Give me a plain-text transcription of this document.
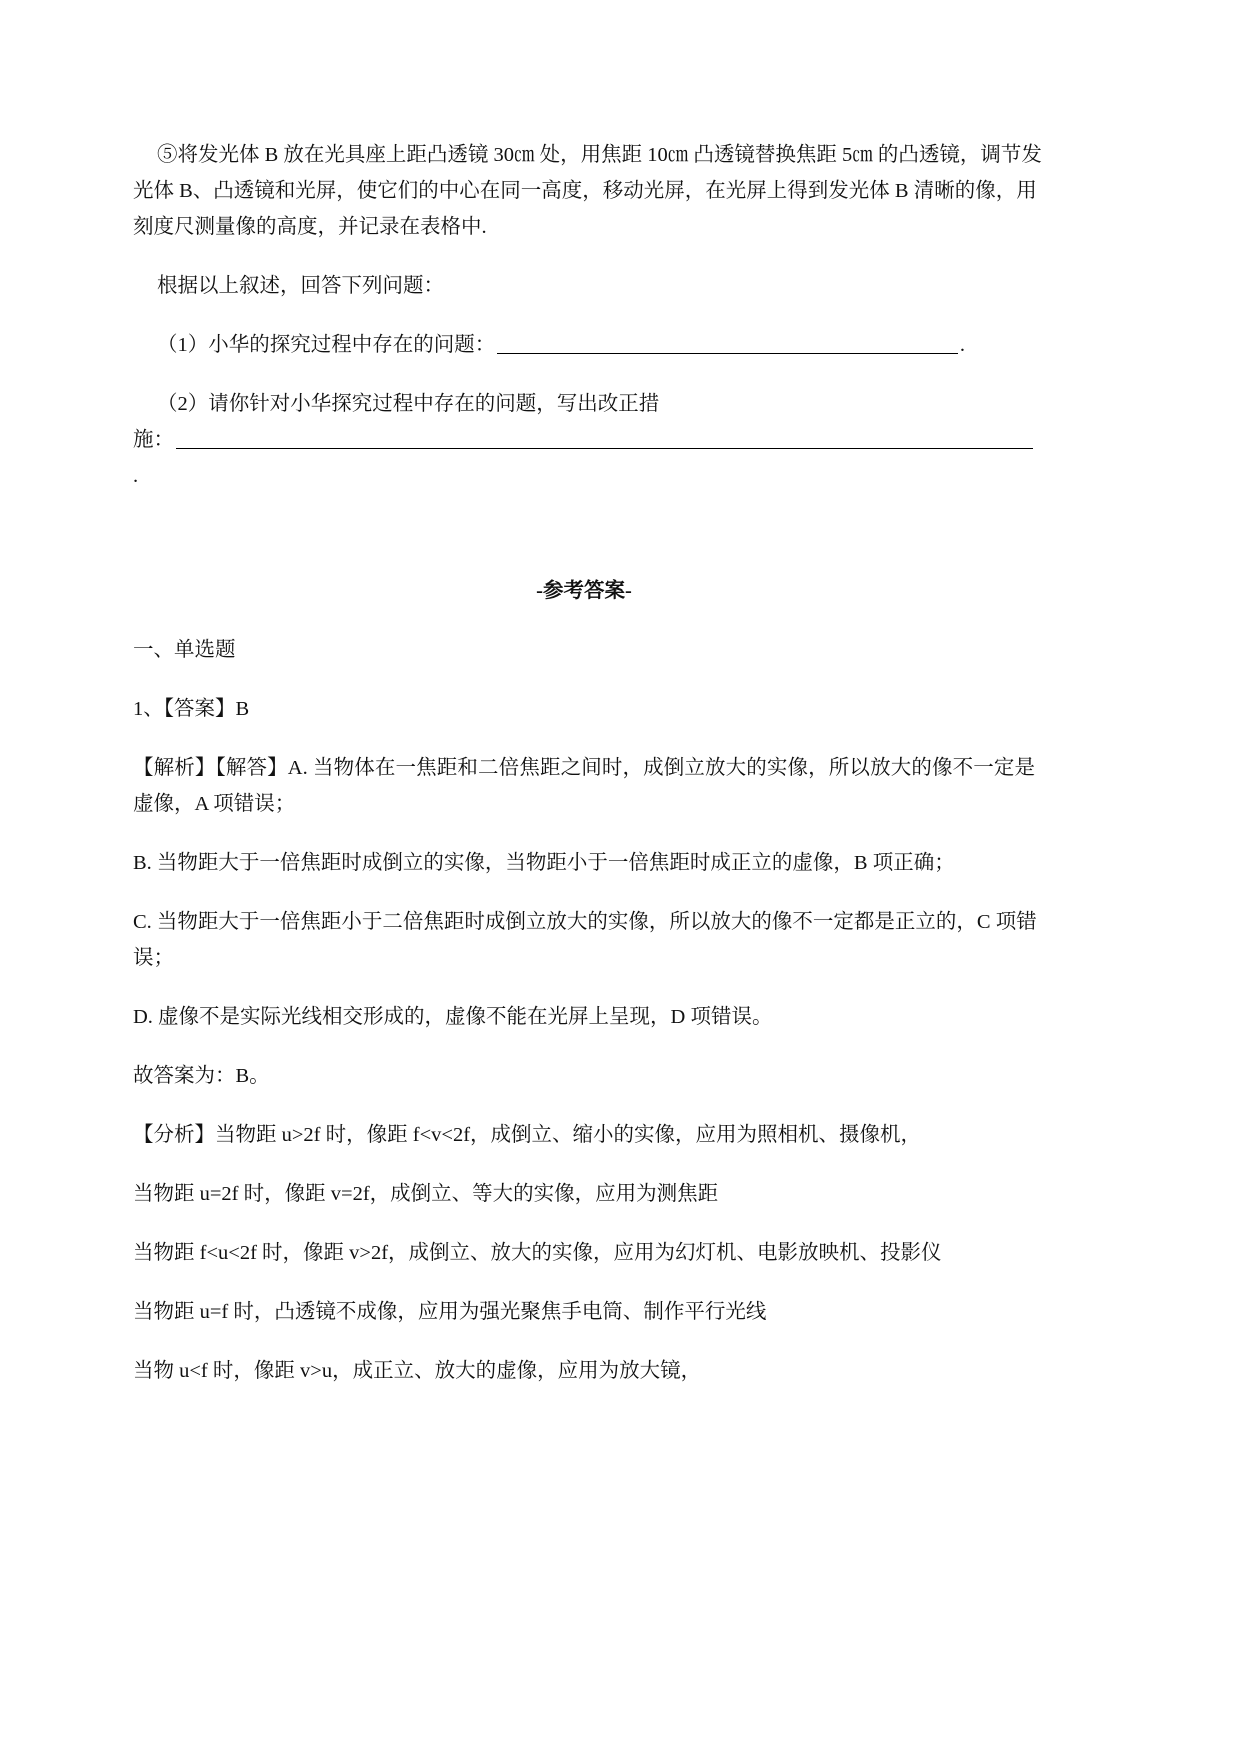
⑤将发光体 B 放在光具座上距凸透镜 30㎝ 处，用焦距 10㎝ 凸透镜替换焦距 5㎝ 的凸透镜，调节发
光体 B、凸透镜和光屏，使它们的中心在同一高度，移动光屏，在光屏上得到发光体 B 清晰的像，用
刻度尺测量像的高度，并记录在表格中.
根据以上叙述，回答下列问题：
（1）小华的探究过程中存在的问题：	.
（2）请你针对小华探究过程中存在的问题，写出改正措
施：
.
-参考答案-
一、单选题
1、【答案】B
【解析】【解答】A. 当物体在一焦距和二倍焦距之间时，成倒立放大的实像，所以放大的像不一定是
虚像，A 项错误；
B. 当物距大于一倍焦距时成倒立的实像，当物距小于一倍焦距时成正立的虚像，B 项正确；
C. 当物距大于一倍焦距小于二倍焦距时成倒立放大的实像，所以放大的像不一定都是正立的，C 项错
误；
D. 虚像不是实际光线相交形成的，虚像不能在光屏上呈现，D 项错误。
故答案为：B。
【分析】当物距 u>2f 时，像距 f<v<2f，成倒立、缩小的实像，应用为照相机、摄像机，
当物距 u=2f 时，像距 v=2f，成倒立、等大的实像，应用为测焦距
当物距 f<u<2f 时，像距 v>2f，成倒立、放大的实像，应用为幻灯机、电影放映机、投影仪
当物距 u=f 时，凸透镜不成像，应用为强光聚焦手电筒、制作平行光线
当物 u<f 时，像距 v>u，成正立、放大的虚像，应用为放大镜，
